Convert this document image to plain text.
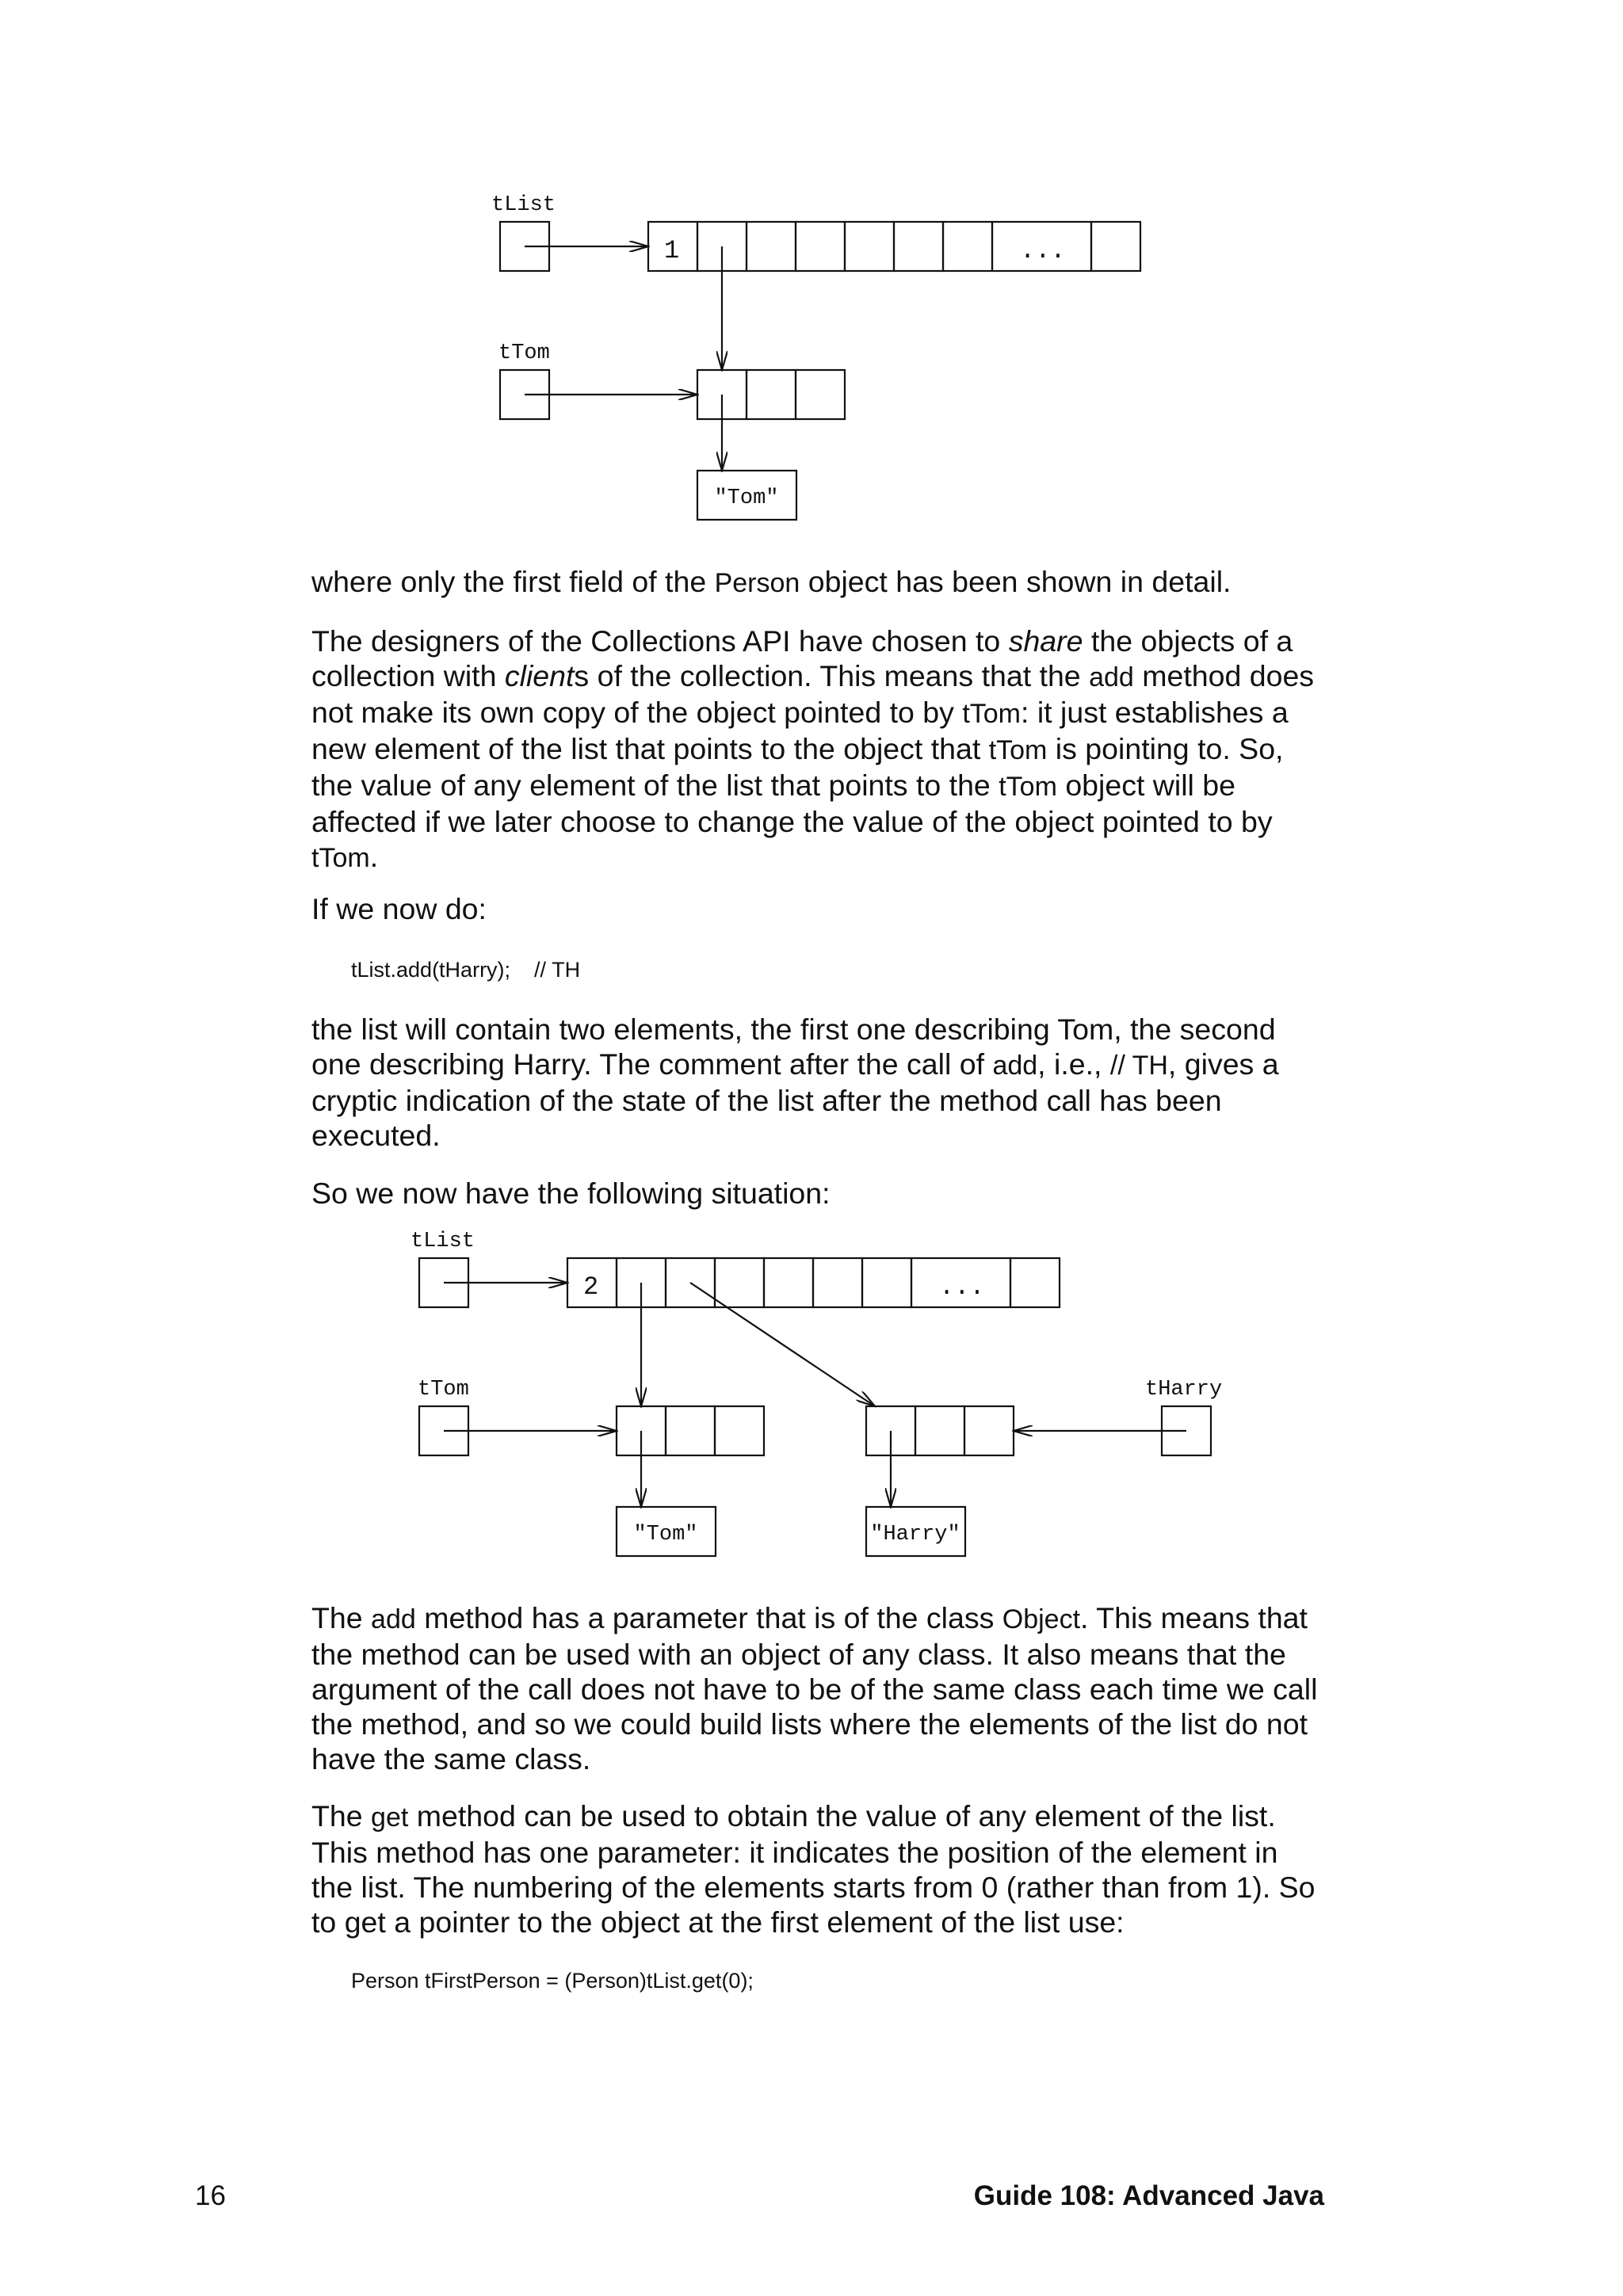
tList
1	...
tTom
"Tom"

where only the first field of the Person object has been shown in detail.

The designers of the Collections API have chosen to share the objects of a collection with clients of the collection. This means that the add method does not make its own copy of the object pointed to by tTom: it just establishes a new element of the list that points to the object that tTom is pointing to. So, the value of any element of the list that points to the tTom object will be affected if we later choose to change the value of the object pointed to by tTom.

If we now do:

tList.add(tHarry);    // TH

the list will contain two elements, the first one describing Tom, the second one describing Harry. The comment after the call of add, i.e., // TH, gives a cryptic indication of the state of the list after the method call has been executed.

So we now have the following situation:

tList
2	...
tTom
"Tom"
tHarry
"Harry"

The add method has a parameter that is of the class Object. This means that the method can be used with an object of any class. It also means that the argument of the call does not have to be of the same class each time we call the method, and so we could build lists where the elements of the list do not have the same class.

The get method can be used to obtain the value of any element of the list. This method has one parameter: it indicates the position of the element in the list. The numbering of the elements starts from 0 (rather than from 1). So to get a pointer to the object at the first element of the list use:

Person tFirstPerson = (Person)tList.get(0);

16	Guide 108: Advanced Java
